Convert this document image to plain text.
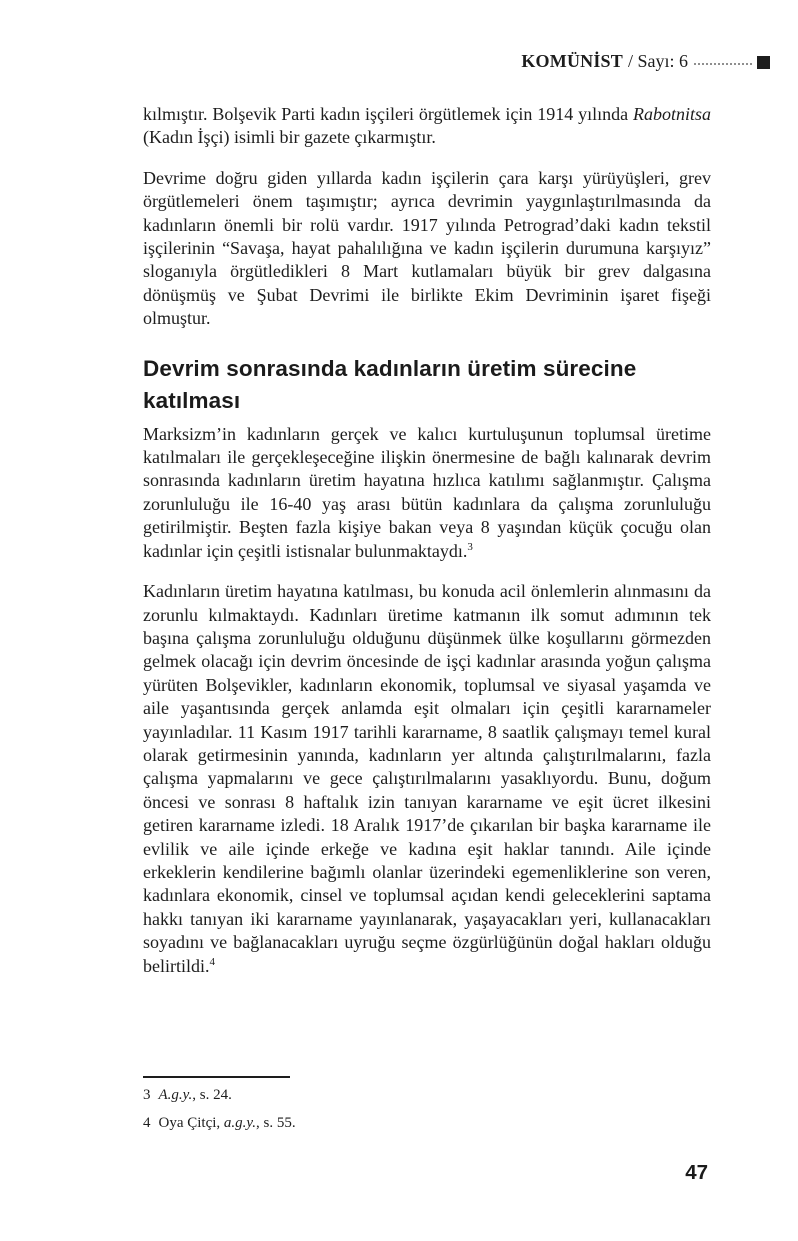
KOMÜNİST / Sayı: 6

kılmıştır. Bolşevik Parti kadın işçileri örgütlemek için 1914 yılında Rabotnitsa (Kadın İşçi) isimli bir gazete çıkarmıştır.

Devrime doğru giden yıllarda kadın işçilerin çara karşı yürüyüşleri, grev örgütlemeleri önem taşımıştır; ayrıca devrimin yaygınlaştırılmasında da kadınların önemli bir rolü vardır. 1917 yılında Petrograd’daki kadın tekstil işçilerinin “Savaşa, hayat pahalılığına ve kadın işçilerin durumuna karşıyız” sloganıyla örgütledikleri 8 Mart kutlamaları büyük bir grev dalgasına dönüşmüş ve Şubat Devrimi ile birlikte Ekim Devriminin işaret fişeği olmuştur.

Devrim sonrasında kadınların üretim sürecine katılması

Marksizm’in kadınların gerçek ve kalıcı kurtuluşunun toplumsal üretime katılmaları ile gerçekleşeceğine ilişkin önermesine de bağlı kalınarak devrim sonrasında kadınların üretim hayatına hızlıca katılımı sağlanmıştır. Çalışma zorunluluğu ile 16-40 yaş arası bütün kadınlara da çalışma zorunluluğu getirilmiştir. Beşten fazla kişiye bakan veya 8 yaşından küçük çocuğu olan kadınlar için çeşitli istisnalar bulunmaktaydı.$^3$

Kadınların üretim hayatına katılması, bu konuda acil önlemlerin alınmasını da zorunlu kılmaktaydı. Kadınları üretime katmanın ilk somut adımının tek başına çalışma zorunluluğu olduğunu düşünmek ülke koşullarını görmezden gelmek olacağı için devrim öncesinde de işçi kadınlar arasında yoğun çalışma yürüten Bolşevikler, kadınların ekonomik, toplumsal ve siyasal yaşamda ve aile yaşantısında gerçek anlamda eşit olmaları için çeşitli kararnameler yayınladılar. 11 Kasım 1917 tarihli kararname, 8 saatlik çalışmayı temel kural olarak getirmesinin yanında, kadınların yer altında çalıştırılmalarını, fazla çalışma yapmalarını ve gece çalıştırılmalarını yasaklıyordu. Bunu, doğum öncesi ve sonrası 8 haftalık izin tanıyan kararname ve eşit ücret ilkesini getiren kararname izledi. 18 Aralık 1917’de çıkarılan bir başka kararname ile evlilik ve aile içinde erkeğe ve kadına eşit haklar tanındı. Aile içinde erkeklerin kendilerine bağımlı olanlar üzerindeki egemenliklerine son veren, kadınlara ekonomik, cinsel ve toplumsal açıdan kendi geleceklerini saptama hakkı tanıyan iki kararname yayınlanarak, yaşayacakları yeri, kullanacakları soyadını ve bağlanacakları uyruğu seçme özgürlüğünün doğal hakları olduğu belirtildi.$^4$

3 A.g.y., s. 24.
4 Oya Çitçi, a.g.y., s. 55.
47
